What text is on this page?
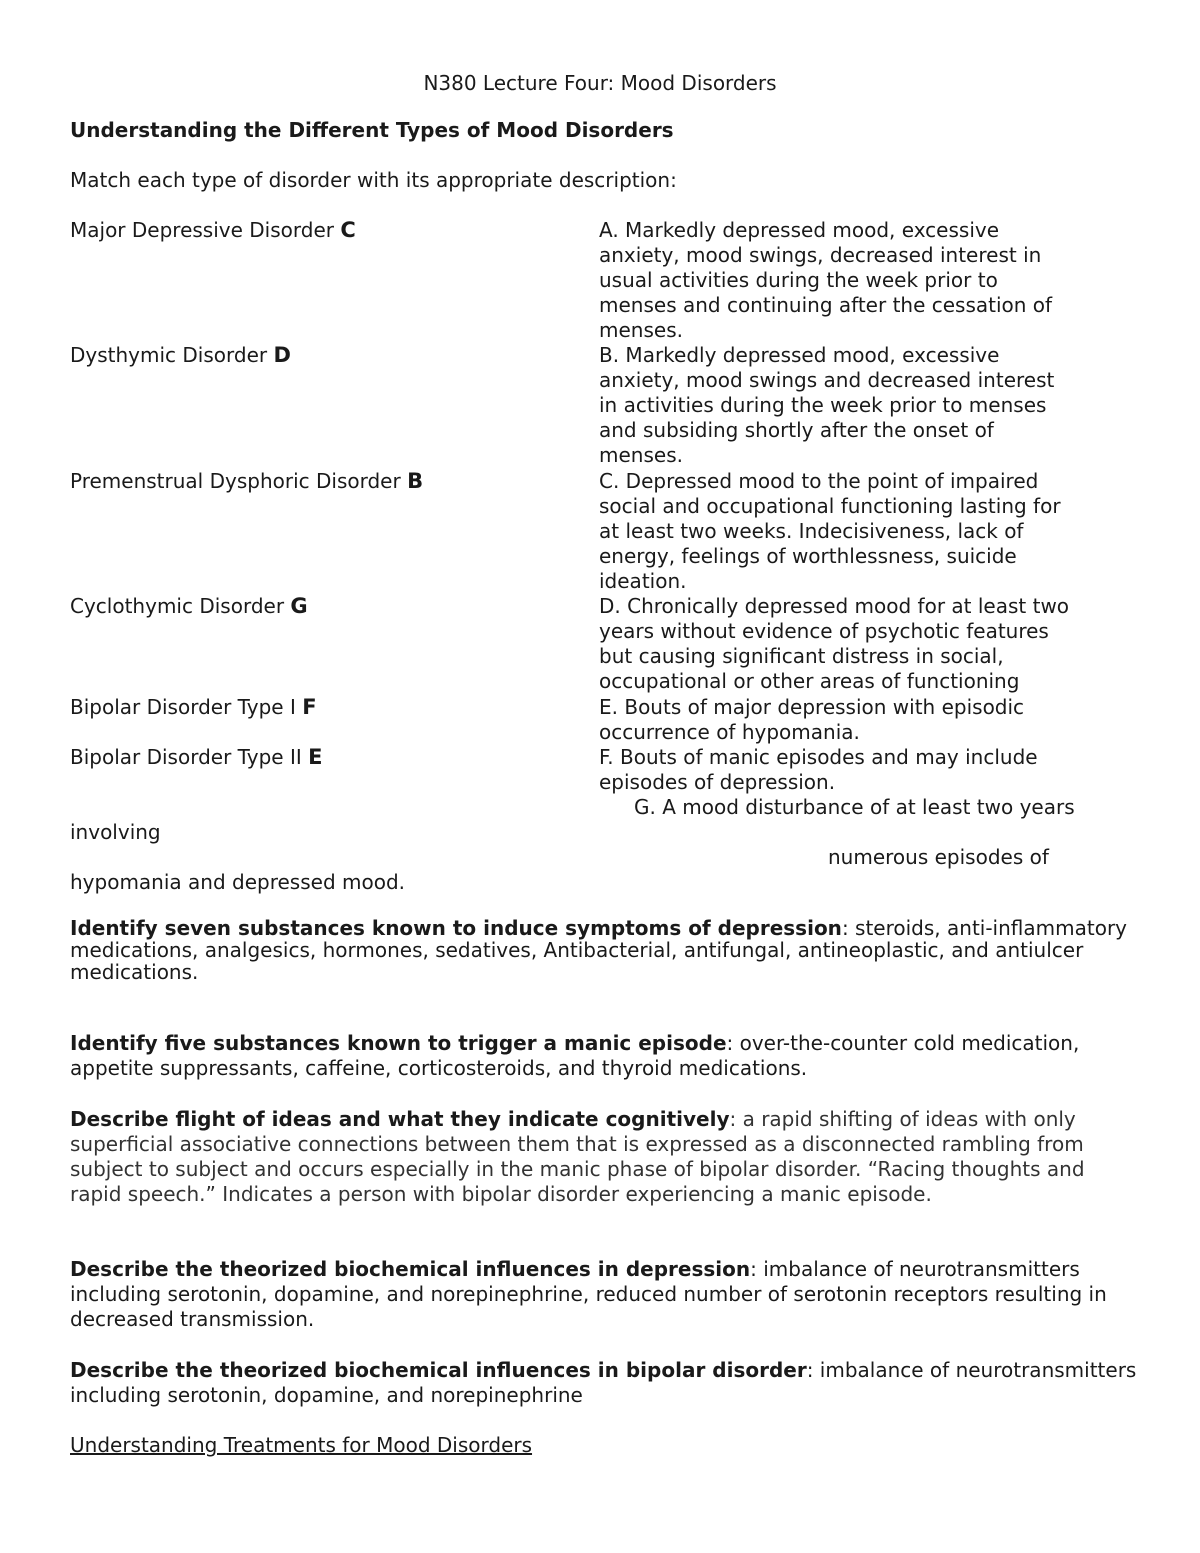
N380 Lecture Four: Mood Disorders

Understanding the Different Types of Mood Disorders

Match each type of disorder with its appropriate description:

Major Depressive Disorder C

Dysthymic Disorder D

Premenstrual Dysphoric Disorder B

Cyclothymic Disorder G

Bipolar Disorder Type I F

Bipolar Disorder Type II E

A. Markedly depressed mood, excessive
anxiety, mood swings, decreased interest in
usual activities during the week prior to
menses and continuing after the cessation of
menses.
B. Markedly depressed mood, excessive
anxiety, mood swings and decreased interest
in activities during the week prior to menses
and subsiding shortly after the onset of
menses.
C. Depressed mood to the point of impaired
social and occupational functioning lasting for
at least two weeks. Indecisiveness, lack of
energy, feelings of worthlessness, suicide
ideation.
D. Chronically depressed mood for at least two
years without evidence of psychotic features
but causing significant distress in social,
occupational or other areas of functioning
E. Bouts of major depression with episodic
occurrence of hypomania.
F. Bouts of manic episodes and may include
episodes of depression.

G. A mood disturbance of at least two years

involving

numerous episodes of

hypomania and depressed mood.

Identify seven substances known to induce symptoms of depression: steroids, anti-inflammatory medications, analgesics, hormones, sedatives, Antibacterial, antifungal, antineoplastic, and antiulcer medications.

Identify five substances known to trigger a manic episode: over-the-counter cold medication, appetite suppressants, caffeine, corticosteroids, and thyroid medications.

Describe flight of ideas and what they indicate cognitively: a rapid shifting of ideas with only superficial associative connections between them that is expressed as a disconnected rambling from subject to subject and occurs especially in the manic phase of bipolar disorder. “Racing thoughts and rapid speech.” Indicates a person with bipolar disorder experiencing a manic episode.

Describe the theorized biochemical influences in depression: imbalance of neurotransmitters including serotonin, dopamine, and norepinephrine, reduced number of serotonin receptors resulting in decreased transmission.

Describe the theorized biochemical influences in bipolar disorder: imbalance of neurotransmitters including serotonin, dopamine, and norepinephrine

Understanding Treatments for Mood Disorders
